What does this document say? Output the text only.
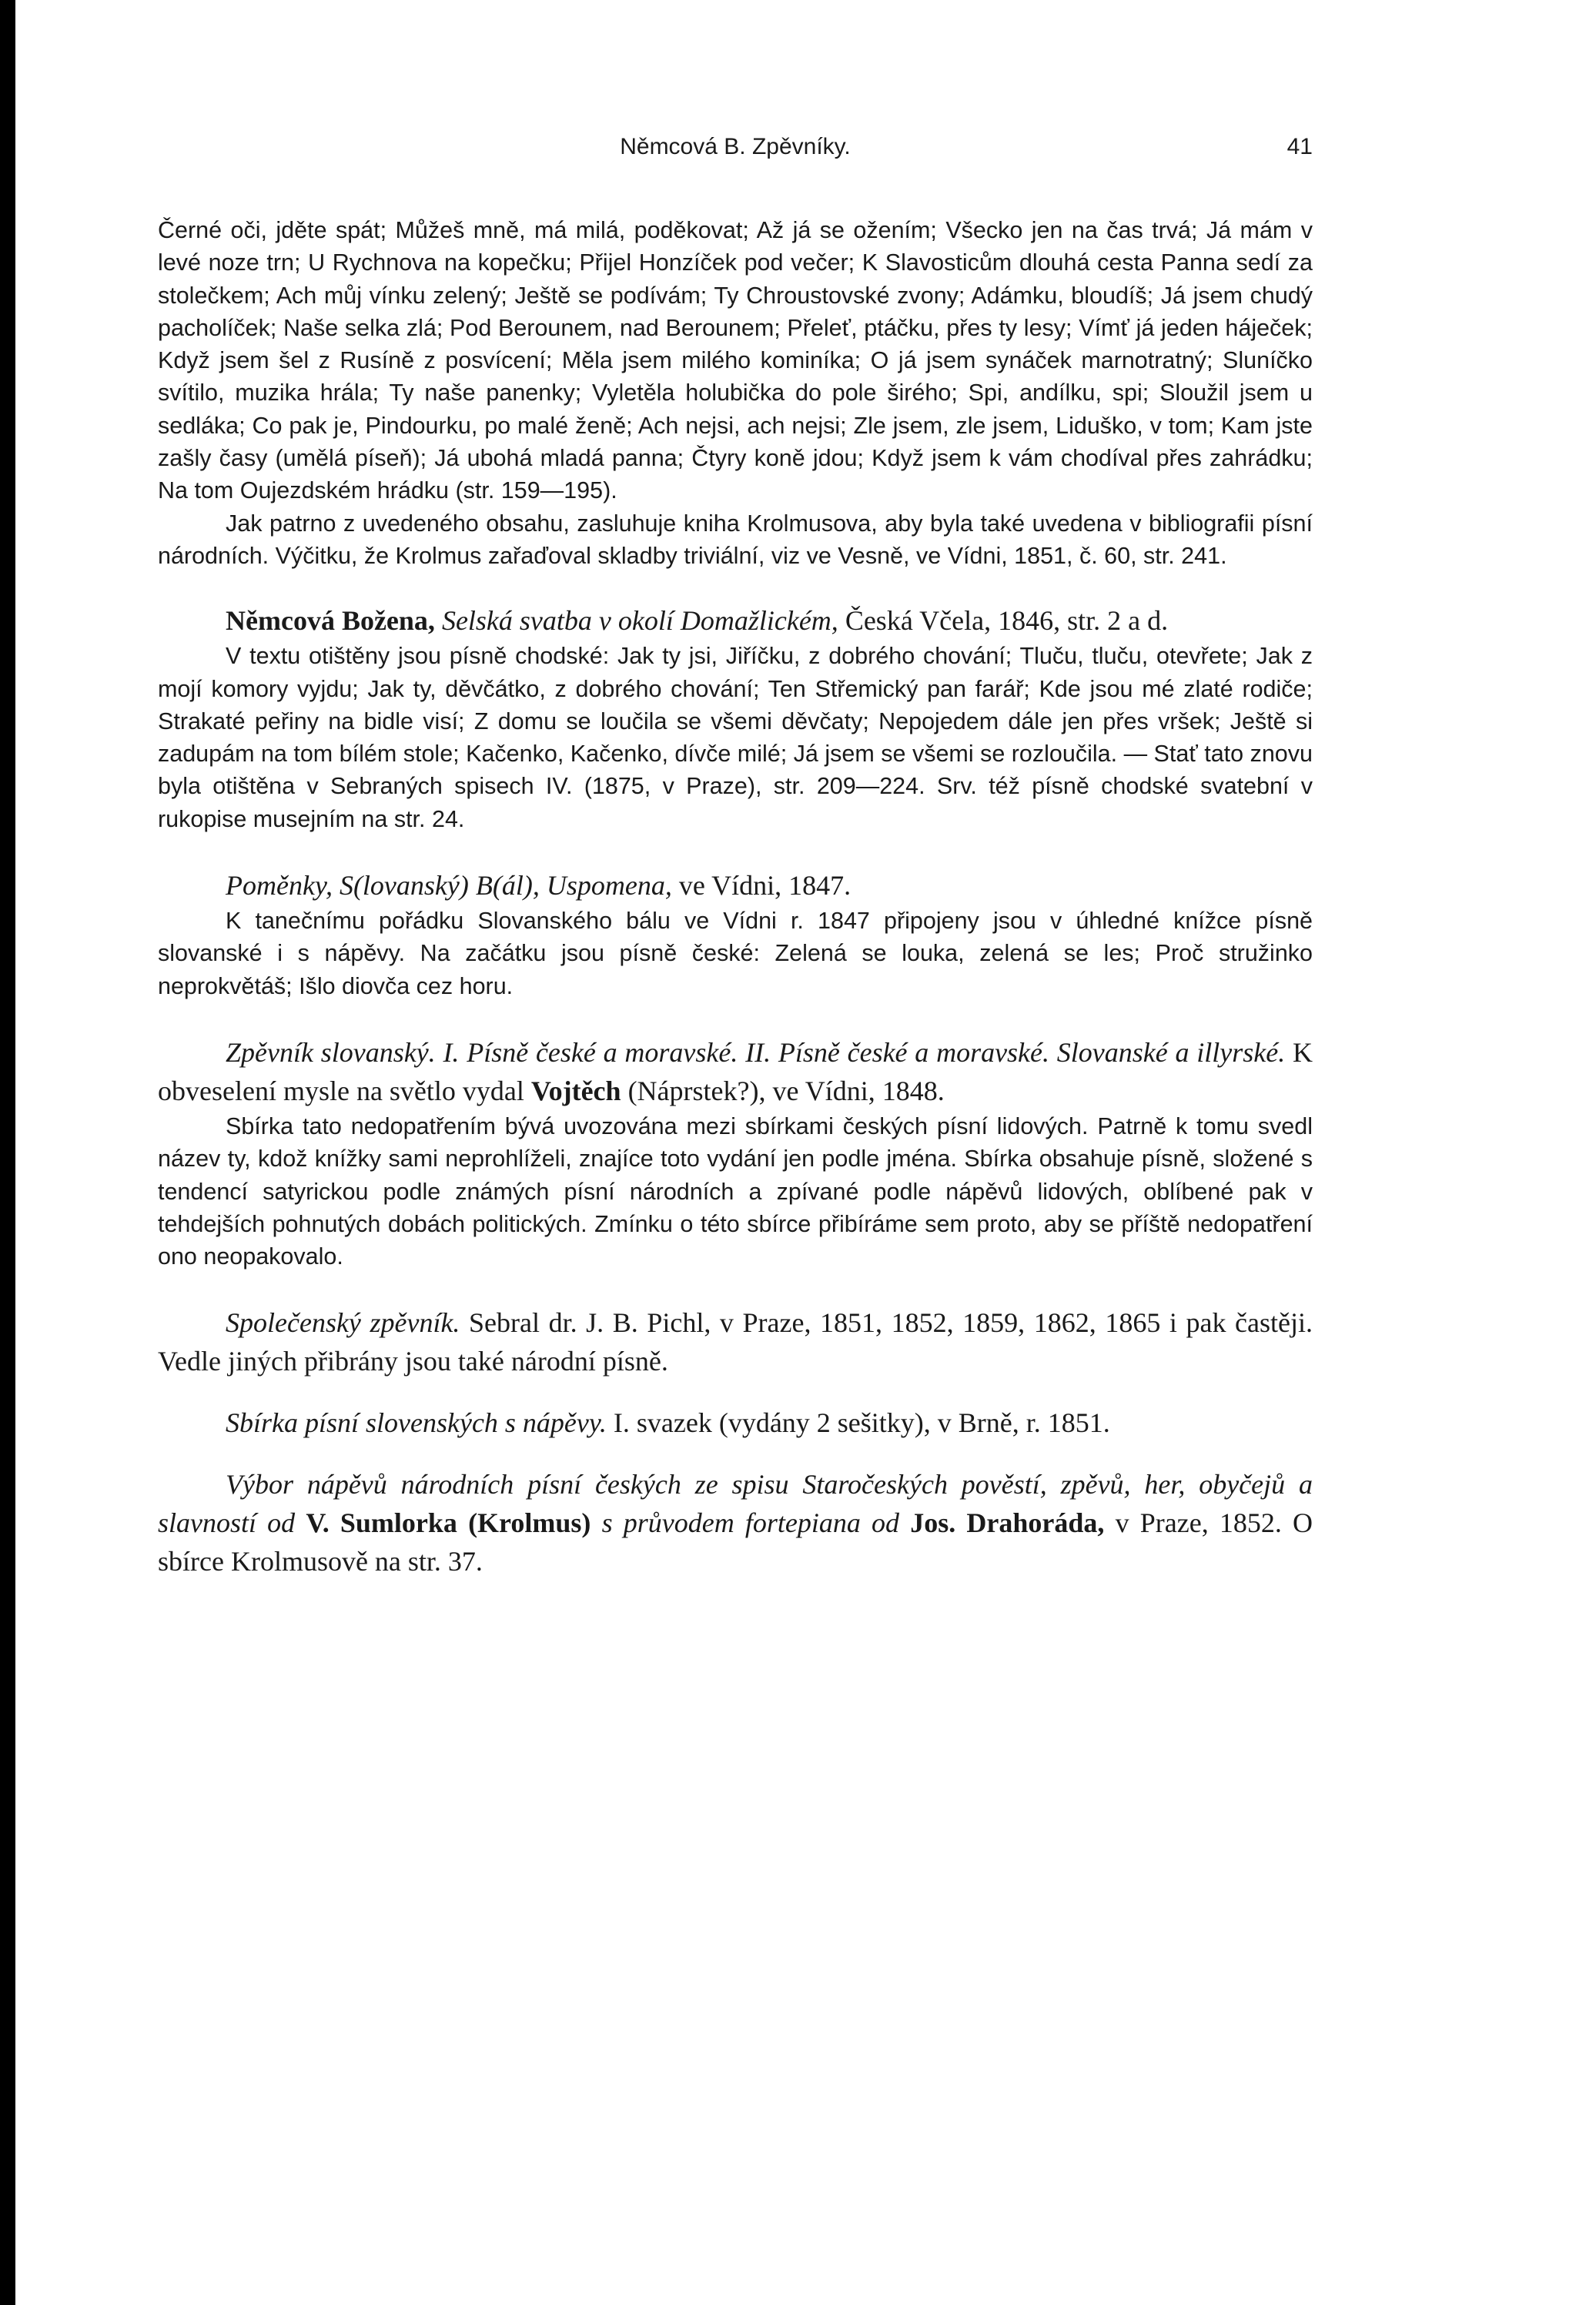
Němcová B. Zpěvníky.	41

Černé oči, jděte spát; Můžeš mně, má milá, poděkovat; Až já se ožením; Všecko jen na čas trvá; Já mám v levé noze trn; U Rychnova na kopečku; Přijel Honzíček pod večer; K Slavosticům dlouhá cesta Panna sedí za stolečkem; Ach můj vínku zelený; Ještě se podívám; Ty Chroustovské zvony; Adámku, bloudíš; Já jsem chudý pacholíček; Naše selka zlá; Pod Berounem, nad Berounem; Přeleť, ptáčku, přes ty lesy; Vímť já jeden háječek; Když jsem šel z Rusíně z posvícení; Měla jsem milého kominíka; O já jsem synáček marnotratný; Sluníčko svítilo, muzika hrála; Ty naše panenky; Vyletěla holubička do pole širého; Spi, andílku, spi; Sloužil jsem u sedláka; Co pak je, Pindourku, po malé ženě; Ach nejsi, ach nejsi; Zle jsem, zle jsem, Liduško, v tom; Kam jste zašly časy (umělá píseň); Já ubohá mladá panna; Čtyry koně jdou; Když jsem k vám chodíval přes zahrádku; Na tom Oujezdském hrádku (str. 159—195).

Jak patrno z uvedeného obsahu, zasluhuje kniha Krolmusova, aby byla také uvedena v bibliografii písní národních. Výčitku, že Krolmus zařaďoval skladby triviální, viz ve Vesně, ve Vídni, 1851, č. 60, str. 241.

Němcová Božena, Selská svatba v okolí Domažlickém, Česká Včela, 1846, str. 2 a d.

V textu otištěny jsou písně chodské: Jak ty jsi, Jiříčku, z dobrého chování; Tluču, tluču, otevřete; Jak z mojí komory vyjdu; Jak ty, děvčátko, z dobrého chování; Ten Střemický pan farář; Kde jsou mé zlaté rodiče; Strakaté peřiny na bidle visí; Z domu se loučila se všemi děvčaty; Nepojedem dále jen přes vršek; Ještě si zadupám na tom bílém stole; Kačenko, Kačenko, dívče milé; Já jsem se všemi se rozloučila. — Stať tato znovu byla otištěna v Sebraných spisech IV. (1875, v Praze), str. 209—224. Srv. též písně chodské svatební v rukopise musejním na str. 24.

Poměnky, S(lovanský) B(ál), Uspomena, ve Vídni, 1847.

K tanečnímu pořádku Slovanského bálu ve Vídni r. 1847 připojeny jsou v úhledné knížce písně slovanské i s nápěvy. Na začátku jsou písně české: Zelená se louka, zelená se les; Proč stružinko neprokvětáš; Išlo diovča cez horu.

Zpěvník slovanský. I. Písně české a moravské. II. Písně české a moravské. Slovanské a illyrské. K obveselení mysle na světlo vydal Vojtěch (Náprstek?), ve Vídni, 1848.

Sbírka tato nedopatřením bývá uvozována mezi sbírkami českých písní lidových. Patrně k tomu svedl název ty, kdož knížky sami neprohlíželi, znajíce toto vydání jen podle jména. Sbírka obsahuje písně, složené s tendencí satyrickou podle známých písní národních a zpívané podle nápěvů lidových, oblíbené pak v tehdejších pohnutých dobách politických. Zmínku o této sbírce přibíráme sem proto, aby se příště nedopatření ono neopakovalo.

Společenský zpěvník. Sebral dr. J. B. Pichl, v Praze, 1851, 1852, 1859, 1862, 1865 i pak častěji. Vedle jiných přibrány jsou také národní písně.

Sbírka písní slovenských s nápěvy. I. svazek (vydány 2 sešitky), v Brně, r. 1851.

Výbor nápěvů národních písní českých ze spisu Staročeských pověstí, zpěvů, her, obyčejů a slavností od V. Sumlorka (Krolmus) s průvodem fortepiana od Jos. Drahoráda, v Praze, 1852. O sbírce Krolmusově na str. 37.
